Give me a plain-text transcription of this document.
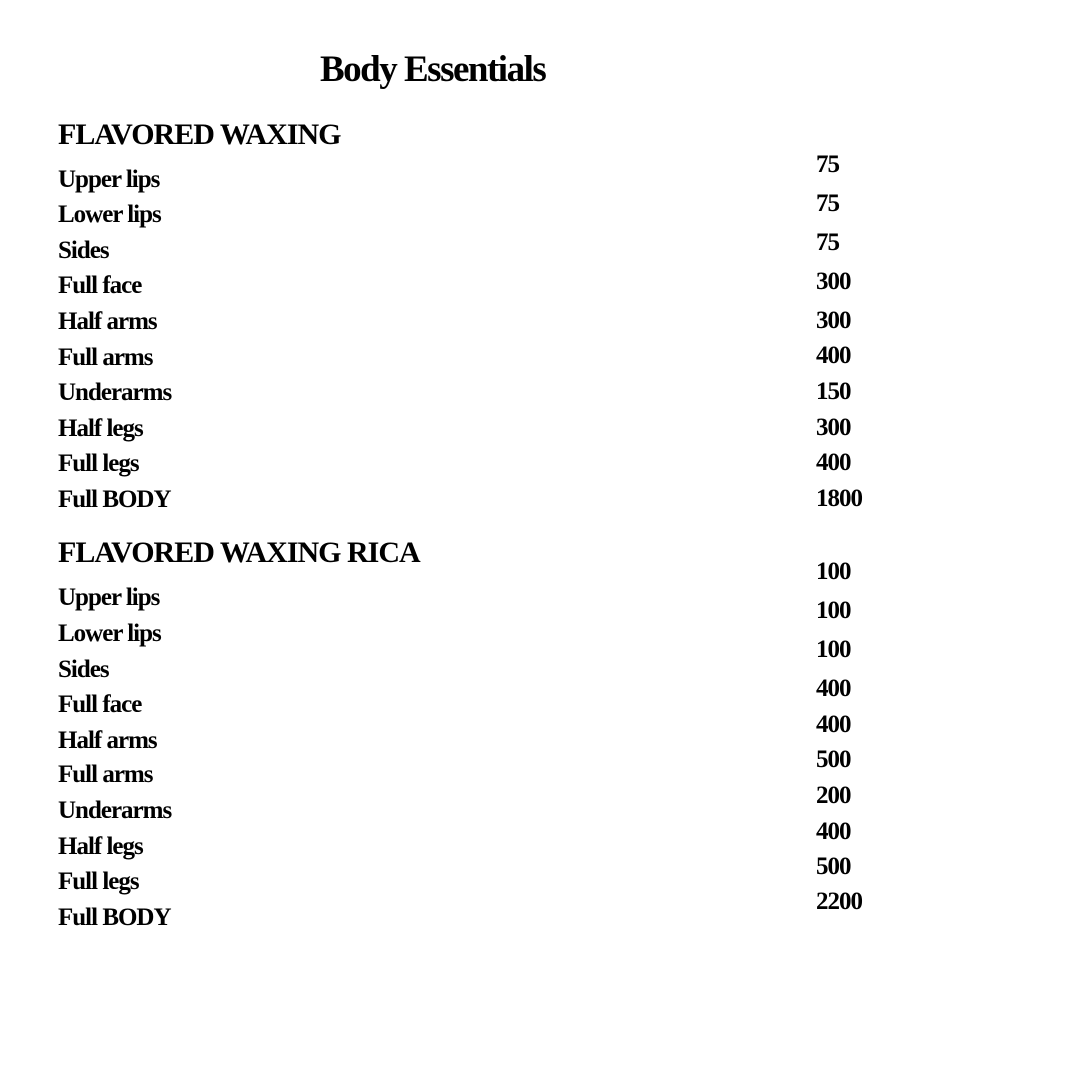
Body Essentials
FLAVORED WAXING
Upper lips
Lower lips
Sides
Full face
Half arms
Full arms
Underarms
Half legs
Full legs
Full BODY
75
75
75
300
300
400
150
300
400
1800
FLAVORED WAXING RICA
Upper lips
Lower lips
Sides
Full face
Half arms
Full arms
Underarms
Half legs
Full legs
Full BODY
100
100
100
400
400
500
200
400
500
2200
